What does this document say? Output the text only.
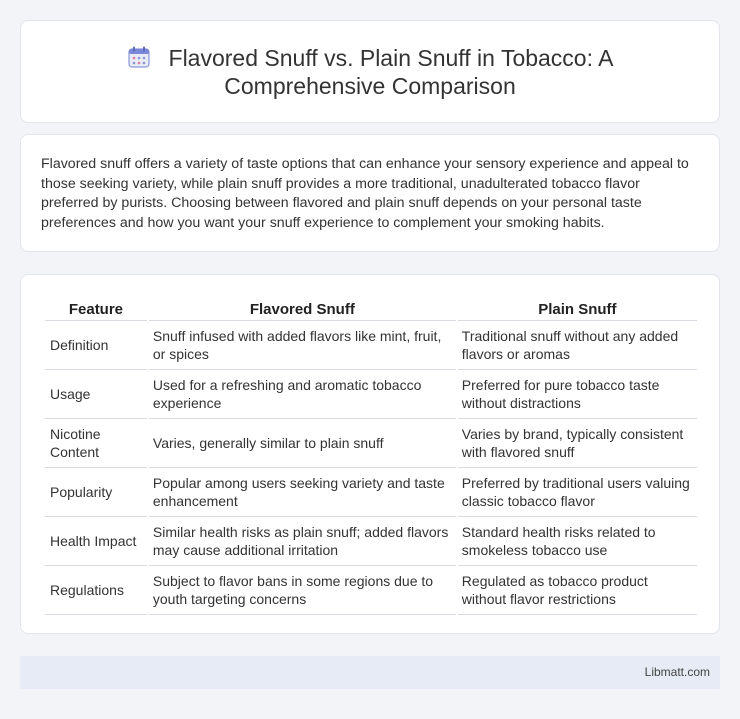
Flavored Snuff vs. Plain Snuff in Tobacco: A Comprehensive Comparison

Flavored snuff offers a variety of taste options that can enhance your sensory experience and appeal to those seeking variety, while plain snuff provides a more traditional, unadulterated tobacco flavor preferred by purists. Choosing between flavored and plain snuff depends on your personal taste preferences and how you want your snuff experience to complement your smoking habits.

Feature	Flavored Snuff	Plain Snuff
Definition	Snuff infused with added flavors like mint, fruit, or spices	Traditional snuff without any added flavors or aromas
Usage	Used for a refreshing and aromatic tobacco experience	Preferred for pure tobacco taste without distractions
Nicotine Content	Varies, generally similar to plain snuff	Varies by brand, typically consistent with flavored snuff
Popularity	Popular among users seeking variety and taste enhancement	Preferred by traditional users valuing classic tobacco flavor
Health Impact	Similar health risks as plain snuff; added flavors may cause additional irritation	Standard health risks related to smokeless tobacco use
Regulations	Subject to flavor bans in some regions due to youth targeting concerns	Regulated as tobacco product without flavor restrictions
Libmatt.com
